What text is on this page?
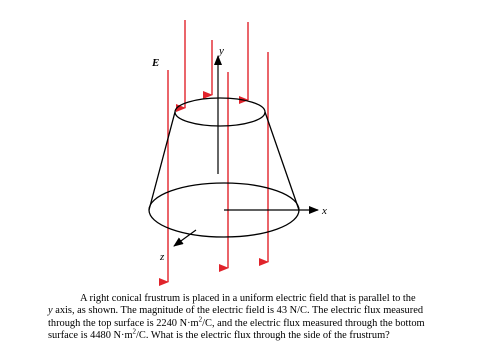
E
y
x
z

A right conical frustrum is placed in a uniform electric field that is parallel to the
y axis, as shown. The magnitude of the electric field is 43 N/C. The electric flux measured
through the top surface is 2240 $N\cdot m^2/C$, and the electric flux measured through the bottom
surface is 4480 $N\cdot m^2/C$. What is the electric flux through the side of the frustrum?
